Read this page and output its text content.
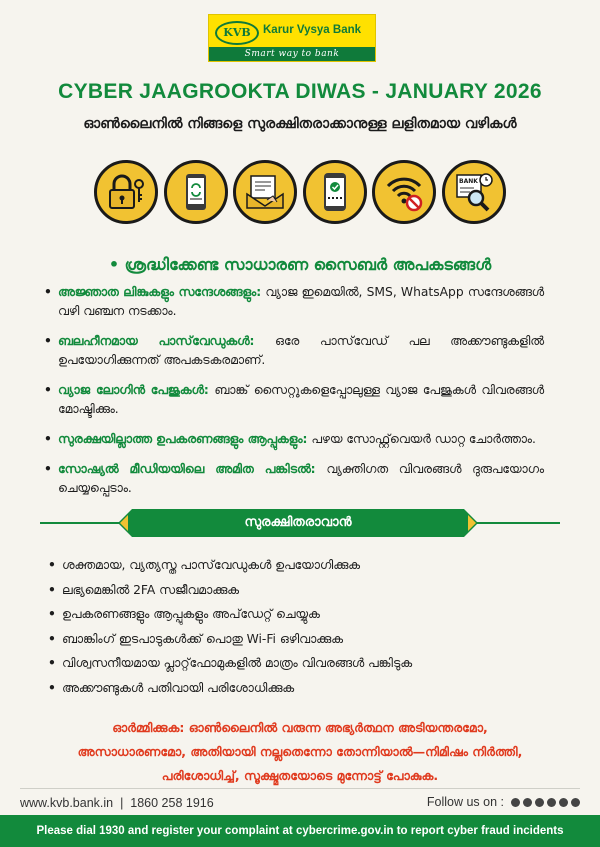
KVB	Karur Vysya Bank
Smart way to bank
CYBER JAAGROOKTA DIWAS - JANUARY 2026
ഓൺലൈനിൽ നിങ്ങളെ സുരക്ഷിതരാക്കാനുള്ള ലളിതമായ വഴികൾ
BANK
• ശ്രദ്ധിക്കേണ്ട സാധാരണ സൈബർ അപകടങ്ങൾ
• അജ്ഞാത ലിങ്കുകളും സന്ദേശങ്ങളും: വ്യാജ ഇമെയിൽ, SMS, WhatsApp സന്ദേശങ്ങൾ വഴി വഞ്ചന നടക്കാം.
• ബലഹീനമായ പാസ്‌വേഡുകൾ: ഒരേ പാസ്‌വേഡ് പല അക്കൗണ്ടുകളിൽ ഉപയോഗിക്കുന്നത് അപകടകരമാണ്.
• വ്യാജ ലോഗിൻ പേജുകൾ: ബാങ്ക് സൈറ്റുകളെപ്പോലുള്ള വ്യാജ പേജുകൾ വിവരങ്ങൾ മോഷ്ടിക്കും.
• സുരക്ഷയില്ലാത്ത ഉപകരണങ്ങളും ആപ്പുകളും: പഴയ സോഫ്റ്റ്‌വെയർ ഡാറ്റ ചോർത്താം.
• സോഷ്യൽ മീഡിയയിലെ അമിത പങ്കിടൽ: വ്യക്തിഗത വിവരങ്ങൾ ദുരുപയോഗം ചെയ്യപ്പെടാം.
സുരക്ഷിതരാവാൻ
• ശക്തമായ, വ്യത്യസ്ത പാസ്‌വേഡുകൾ ഉപയോഗിക്കുക
• ലഭ്യമെങ്കിൽ 2FA സജീവമാക്കുക
• ഉപകരണങ്ങളും ആപ്പുകളും അപ്‌ഡേറ്റ് ചെയ്യുക
• ബാങ്കിംഗ് ഇടപാടുകൾക്ക് പൊതു Wi-Fi ഒഴിവാക്കുക
• വിശ്വസനീയമായ പ്ലാറ്റ്‌ഫോമുകളിൽ മാത്രം വിവരങ്ങൾ പങ്കിടുക
• അക്കൗണ്ടുകൾ പതിവായി പരിശോധിക്കുക
ഓർമ്മിക്കുക: ഓൺലൈനിൽ വരുന്ന അഭ്യർത്ഥന അടിയന്തരമോ,
അസാധാരണമോ, അതിയായി നല്ലതെന്നോ തോന്നിയാൽ—നിമിഷം നിർത്തി,
പരിശോധിച്ച്, സൂക്ഷ്മതയോടെ മുന്നോട്ട് പോകുക.
www.kvb.bank.in | 1860 258 1916	Follow us on :
Please dial 1930 and register your complaint at cybercrime.gov.in to report cyber fraud incidents
